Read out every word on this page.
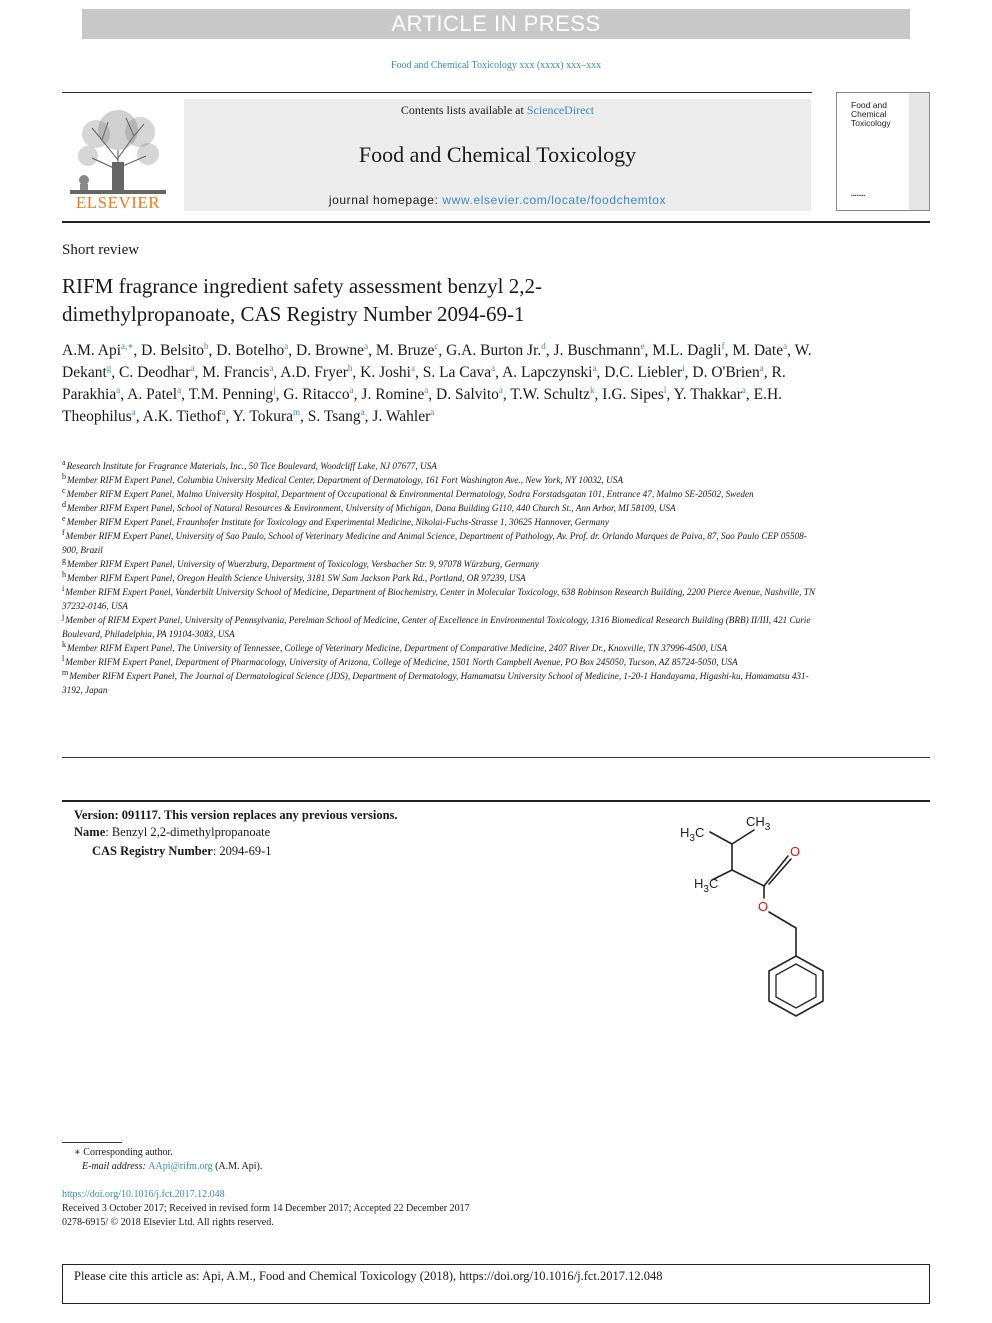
ARTICLE IN PRESS
Food and Chemical Toxicology xxx (xxxx) xxx–xxx
ELSEVIER
Contents lists available at ScienceDirect
Food and Chemical Toxicology
journal homepage: www.elsevier.com/locate/foodchemtox
Food and
Chemical
Toxicology
▪▪▪▪▪▪▪▪
Short review
RIFM fragrance ingredient safety assessment benzyl 2,2-dimethylpropanoate, CAS Registry Number 2094-69-1
A.M. Api$^{a,∗}$, D. Belsito$^b$, D. Botelho$^a$, D. Browne$^a$, M. Bruze$^c$, G.A. Burton Jr.$^d$, J. Buschmann$^e$, M.L. Dagli$^f$, M. Date$^a$, W. Dekant$^g$, C. Deodhar$^a$, M. Francis$^a$, A.D. Fryer$^h$, K. Joshi$^a$, S. La Cava$^a$, A. Lapczynski$^a$, D.C. Liebler$^i$, D. O'Brien$^a$, R. Parakhia$^a$, A. Patel$^a$, T.M. Penning$^j$, G. Ritacco$^a$, J. Romine$^a$, D. Salvito$^a$, T.W. Schultz$^k$, I.G. Sipes$^l$, Y. Thakkar$^a$, E.H. Theophilus$^a$, A.K. Tiethof$^a$, Y. Tokura$^m$, S. Tsang$^a$, J. Wahler$^a$

aResearch Institute for Fragrance Materials, Inc., 50 Tice Boulevard, Woodcliff Lake, NJ 07677, USA

bMember RIFM Expert Panel, Columbia University Medical Center, Department of Dermatology, 161 Fort Washington Ave., New York, NY 10032, USA

cMember RIFM Expert Panel, Malmo University Hospital, Department of Occupational & Environmental Dermatology, Sodra Forstadsgatan 101, Entrance 47, Malmo SE-20502, Sweden

dMember RIFM Expert Panel, School of Natural Resources & Environment, University of Michigan, Dana Building G110, 440 Church St., Ann Arbor, MI 58109, USA

eMember RIFM Expert Panel, Fraunhofer Institute for Toxicology and Experimental Medicine, Nikolai-Fuchs-Strasse 1, 30625 Hannover, Germany

fMember RIFM Expert Panel, University of Sao Paulo, School of Veterinary Medicine and Animal Science, Department of Pathology, Av. Prof. dr. Orlando Marques de Paiva, 87, Sao Paulo CEP 05508-900, Brazil

gMember RIFM Expert Panel, University of Wuerzburg, Department of Toxicology, Versbacher Str. 9, 97078 Würzburg, Germany

hMember RIFM Expert Panel, Oregon Health Science University, 3181 SW Sam Jackson Park Rd., Portland, OR 97239, USA

iMember RIFM Expert Panel, Vanderbilt University School of Medicine, Department of Biochemistry, Center in Molecular Toxicology, 638 Robinson Research Building, 2200 Pierce Avenue, Nashville, TN 37232-0146, USA

jMember of RIFM Expert Panel, University of Pennsylvania, Perelman School of Medicine, Center of Excellence in Environmental Toxicology, 1316 Biomedical Research Building (BRB) II/III, 421 Curie Boulevard, Philadelphia, PA 19104-3083, USA

kMember RIFM Expert Panel, The University of Tennessee, College of Veterinary Medicine, Department of Comparative Medicine, 2407 River Dr., Knoxville, TN 37996-4500, USA

lMember RIFM Expert Panel, Department of Pharmacology, University of Arizona, College of Medicine, 1501 North Campbell Avenue, PO Box 245050, Tucson, AZ 85724-5050, USA

mMember RIFM Expert Panel, The Journal of Dermatological Science (JDS), Department of Dermatology, Hamamatsu University School of Medicine, 1-20-1 Handayama, Higashi-ku, Hamamatsu 431-3192, Japan

Version: 091117. This version replaces any previous versions.
Name: Benzyl 2,2-dimethylpropanoate
CAS Registry Number: 2094-69-1
$CH_3$
$H_3C$
$H_3C$
O
O
∗ Corresponding author.
E-mail address: AApi@rifm.org (A.M. Api).
https://doi.org/10.1016/j.fct.2017.12.048
Received 3 October 2017; Received in revised form 14 December 2017; Accepted 22 December 2017
0278-6915/ © 2018 Elsevier Ltd. All rights reserved.
Please cite this article as: Api, A.M., Food and Chemical Toxicology (2018), https://doi.org/10.1016/j.fct.2017.12.048
